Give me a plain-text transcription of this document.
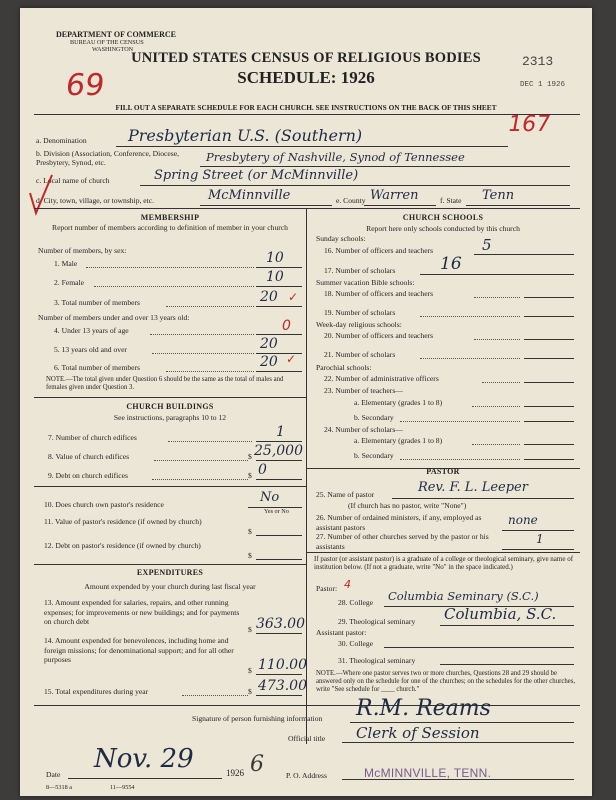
DEPARTMENT OF COMMERCE
BUREAU OF THE CENSUS
WASHINGTON
69
UNITED STATES CENSUS OF RELIGIOUS BODIES
SCHEDULE: 1926
2313
DEC 1 1926
FILL OUT A SEPARATE SCHEDULE FOR EACH CHURCH. SEE INSTRUCTIONS ON THE BACK OF THIS SHEET
167
a. Denomination	Presbyterian U.S. (Southern)
b. Division (Association, Conference, Diocese, Presbytery, Synod, etc.	Presbytery of Nashville, Synod of Tennessee
c. Local name of church	Spring Street (or McMinnville)
d. City, town, village, or township, etc.	McMinnville	e. County Warren	f. State Tenn
MEMBERSHIP
Report number of members according to definition of member in your church
Number of members, by sex:
1. Male	10
2. Female	10
3. Total number of members	20 ✓
Number of members under and over 13 years old:
4. Under 13 years of age	0
5. 13 years old and over	20
6. Total number of members	20 ✓
NOTE.—The total given under Question 6 should be the same as the total of males and females given under Question 3.
CHURCH BUILDINGS
See instructions, paragraphs 10 to 12
7. Number of church edifices	1
8. Value of church edifices	$ 25,000
9. Debt on church edifices	$ 0
10. Does church own pastor's residence	No
Yes or No
11. Value of pastor's residence (if owned by church)
$
12. Debt on pastor's residence (if owned by church)
$
EXPENDITURES
Amount expended by your church during last fiscal year
13. Amount expended for salaries, repairs, and other running expenses; for improvements or new buildings; and for payments on church debt
$ 363.00
14. Amount expended for benevolences, including home and foreign missions; for denominational support; and for all other purposes
$ 110.00
15. Total expenditures during year	$ 473.00
CHURCH SCHOOLS
Report here only schools conducted by this church
Sunday schools:
16. Number of officers and teachers	5
17. Number of scholars	16
Summer vacation Bible schools:
18. Number of officers and teachers
19. Number of scholars
Week-day religious schools:
20. Number of officers and teachers
21. Number of scholars
Parochial schools:
22. Number of administrative officers
23. Number of teachers—
a. Elementary (grades 1 to 8)
b. Secondary
24. Number of scholars—
a. Elementary (grades 1 to 8)
b. Secondary
PASTOR
25. Name of pastor	Rev. F. L. Leeper
(If church has no pastor, write "None")
26. Number of ordained ministers, if any, employed as assistant pastors	none
27. Number of other churches served by the pastor or his assistants	1
If pastor (or assistant pastor) is a graduate of a college or theological seminary, give name of institution below. (If not a graduate, write "No" in the space indicated.)
Pastor: 4
28. College Columbia Seminary (S.C.)
29. Theological seminary Columbia, S.C.
Assistant pastor:
30. College
31. Theological seminary
NOTE.—Where one pastor serves two or more churches, Questions 28 and 29 should be answered only on the schedule for one of the churches; on the schedules for the other churches, write "See schedule for ____ church."
Signature of person furnishing information R.M. Reams
Official title Clerk of Session
Date
Nov. 29	1926 6	P. O. Address	McMINNVILLE, TENN.
8—5318 a	11—9554
